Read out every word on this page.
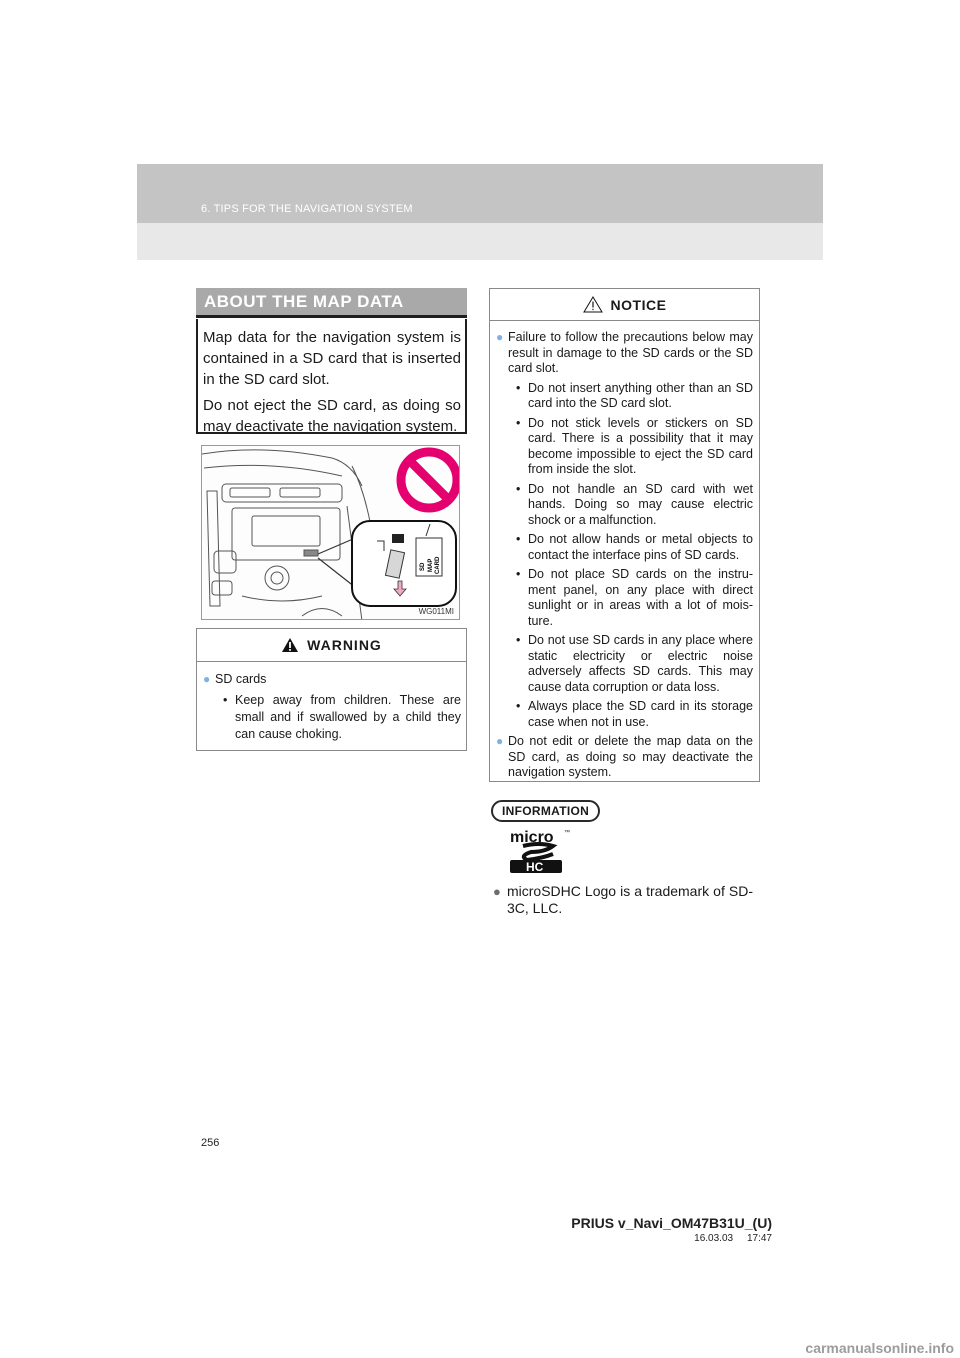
6. TIPS FOR THE NAVIGATION SYSTEM
ABOUT THE MAP DATA

Map data for the navigation system is contained in a SD card that is inserted in the SD card slot.

Do not eject the SD card, as doing so may deactivate the navigation system.

SD MAP CARD
WG011MI
WARNING
● SD cards
• Keep away from children. These are small and if swallowed by a child they can cause choking.
NOTICE
● Failure to follow the precautions below may result in damage to the SD cards or the SD card slot.
• Do not insert anything other than an SD card into the SD card slot.
• Do not stick levels or stickers on SD card. There is a possibility that it may become impossible to eject the SD card from inside the slot.
• Do not handle an SD card with wet hands. Doing so may cause electric shock or a malfunction.
• Do not allow hands or metal objects to contact the interface pins of SD cards.
• Do not place SD cards on the instru-ment panel, on any place with direct sunlight or in areas with a lot of mois-ture.
• Do not use SD cards in any place where static electricity or electric noise adversely affects SD cards. This may cause data corruption or data loss.
• Always place the SD card in its storage case when not in use.
● Do not edit or delete the map data on the SD card, as doing so may deactivate the navigation system.
INFORMATION
micro ™
HC
● microSDHC Logo is a trademark of SD-3C, LLC.
256
PRIUS v_Navi_OM47B31U_(U)
16.03.03     17:47
carmanualsonline.info
